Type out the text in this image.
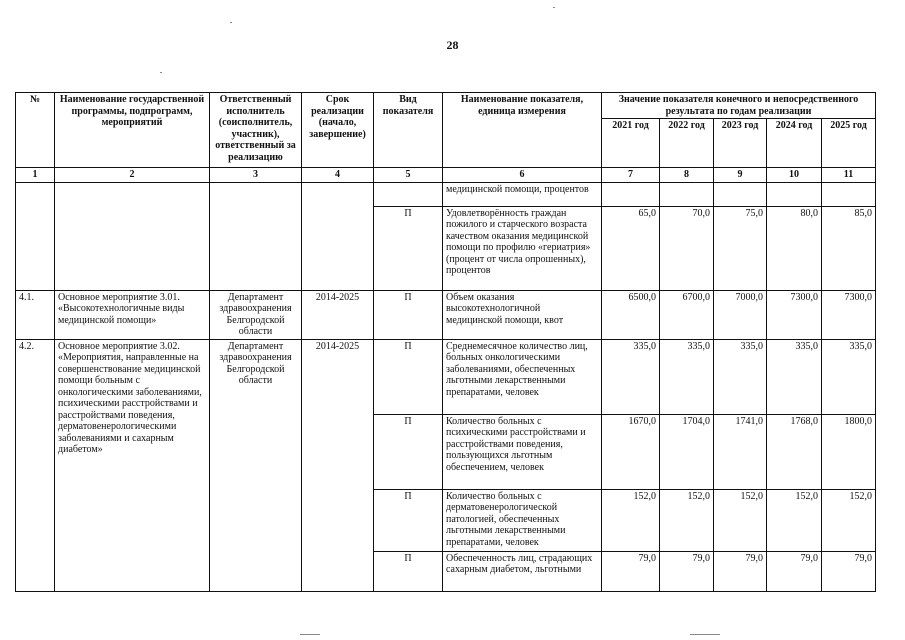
28
№	Наименование государственной программы, подпрограмм, мероприятий	Ответственный исполнитель (соисполнитель, участник), ответственный за реализацию	Срок реализации (начало, завершение)	Вид показателя	Наименование показателя, единица измерения	Значение показателя конечного и непосредственного результата по годам реализации				
						2021 год	2022 год	2023 год	2024 год	2025 год
1	2	3	4	5	6	7	8	9	10	11
					медицинской помощи, процентов					
				П	Удовлетворённость граждан пожилого и старческого возраста качеством оказания медицинской помощи по профилю «гериатрия» (процент от числа опрошенных), процентов	65,0	70,0	75,0	80,0	85,0
4.1.	Основное мероприятие 3.01. «Высокотехнологичные виды медицинской помощи»	Департамент здравоохранения Белгородской области	2014-2025	П	Объем оказания высокотехнологичной медицинской помощи, квот	6500,0	6700,0	7000,0	7300,0	7300,0
4.2.	Основное мероприятие 3.02. «Мероприятия, направленные на совершенствование медицинской помощи больным с онкологическими заболеваниями, психическими расстройствами и расстройствами поведения, дерматовенерологическими заболеваниями и сахарным диабетом»	Департамент здравоохранения Белгородской области	2014-2025	П	Среднемесячное количество лиц, больных онкологическими заболеваниями, обеспеченных льготными лекарственными препаратами, человек	335,0	335,0	335,0	335,0	335,0
				П	Количество больных с психическими расстройствами и расстройствами поведения, пользующихся льготным обеспечением, человек	1670,0	1704,0	1741,0	1768,0	1800,0
				П	Количество больных с дерматовенерологической патологией, обеспеченных льготными лекарственными препаратами, человек	152,0	152,0	152,0	152,0	152,0
				П	Обеспеченность лиц, страдающих сахарным диабетом, льготными	79,0	79,0	79,0	79,0	79,0
